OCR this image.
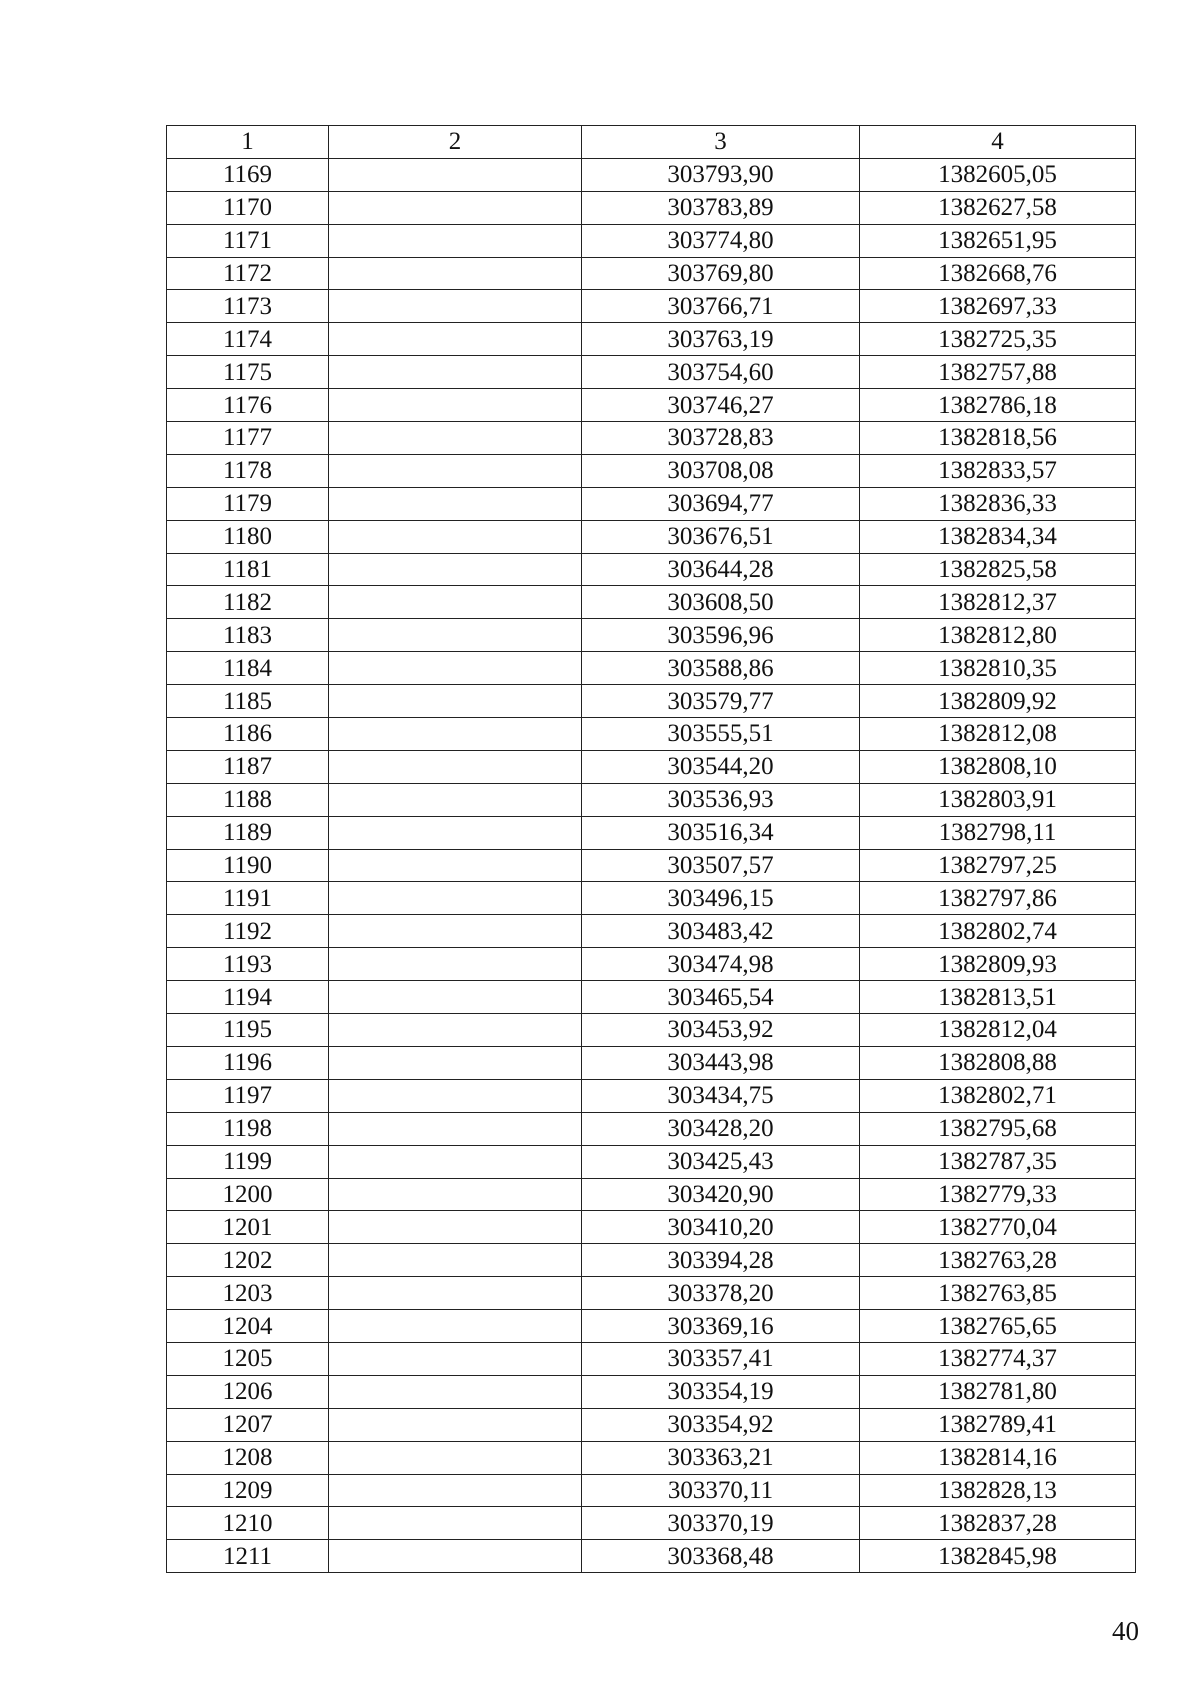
1	2	3	4
1169		303793,90	1382605,05
1170		303783,89	1382627,58
1171		303774,80	1382651,95
1172		303769,80	1382668,76
1173		303766,71	1382697,33
1174		303763,19	1382725,35
1175		303754,60	1382757,88
1176		303746,27	1382786,18
1177		303728,83	1382818,56
1178		303708,08	1382833,57
1179		303694,77	1382836,33
1180		303676,51	1382834,34
1181		303644,28	1382825,58
1182		303608,50	1382812,37
1183		303596,96	1382812,80
1184		303588,86	1382810,35
1185		303579,77	1382809,92
1186		303555,51	1382812,08
1187		303544,20	1382808,10
1188		303536,93	1382803,91
1189		303516,34	1382798,11
1190		303507,57	1382797,25
1191		303496,15	1382797,86
1192		303483,42	1382802,74
1193		303474,98	1382809,93
1194		303465,54	1382813,51
1195		303453,92	1382812,04
1196		303443,98	1382808,88
1197		303434,75	1382802,71
1198		303428,20	1382795,68
1199		303425,43	1382787,35
1200		303420,90	1382779,33
1201		303410,20	1382770,04
1202		303394,28	1382763,28
1203		303378,20	1382763,85
1204		303369,16	1382765,65
1205		303357,41	1382774,37
1206		303354,19	1382781,80
1207		303354,92	1382789,41
1208		303363,21	1382814,16
1209		303370,11	1382828,13
1210		303370,19	1382837,28
1211		303368,48	1382845,98
40
